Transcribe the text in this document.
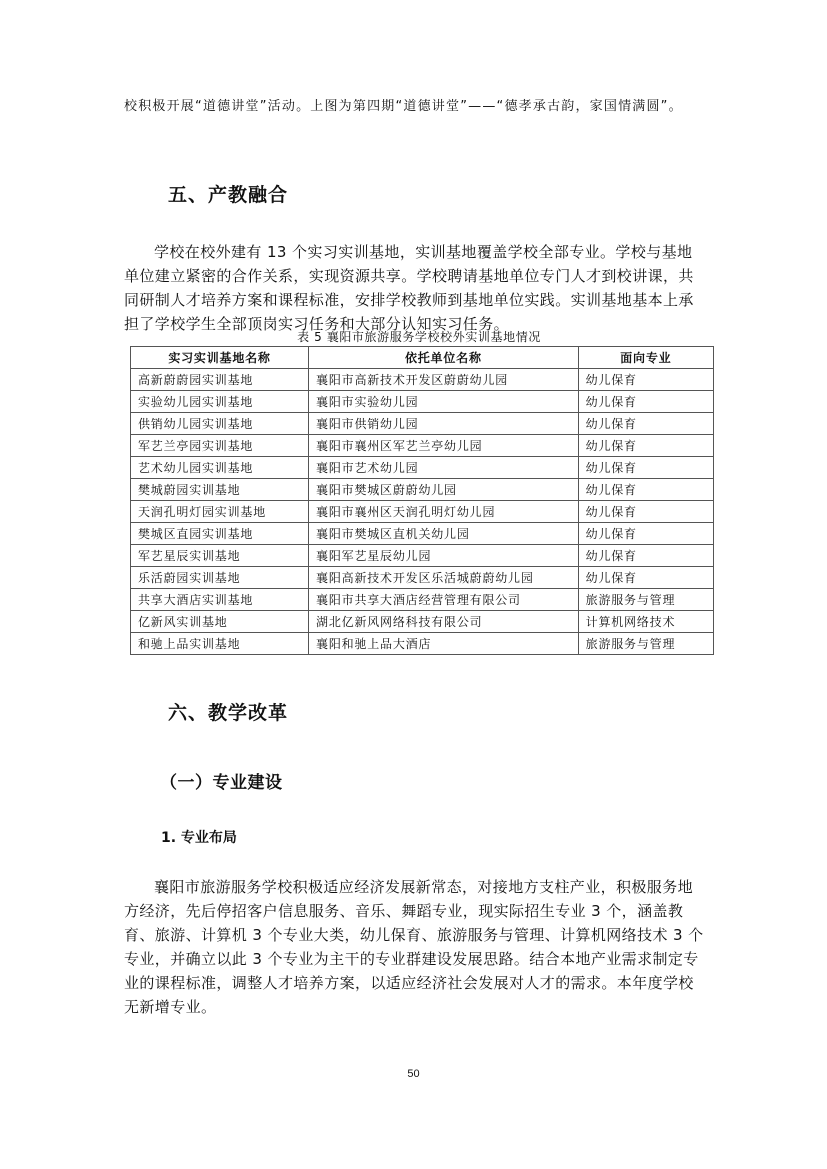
校积极开展“道德讲堂”活动。上图为第四期“道德讲堂”——“德孝承古韵，家国情满圆”。
五、产教融合
学校在校外建有 13 个实习实训基地，实训基地覆盖学校全部专业。学校与基地单位建立紧密的合作关系，实现资源共享。学校聘请基地单位专门人才到校讲课，共同研制人才培养方案和课程标准，安排学校教师到基地单位实践。实训基地基本上承担了学校学生全部顶岗实习任务和大部分认知实习任务。
表 5 襄阳市旅游服务学校校外实训基地情况
实习实训基地名称	依托单位名称	面向专业
高新蔚蔚园实训基地	襄阳市高新技术开发区蔚蔚幼儿园	幼儿保育
实验幼儿园实训基地	襄阳市实验幼儿园	幼儿保育
供销幼儿园实训基地	襄阳市供销幼儿园	幼儿保育
军艺兰亭园实训基地	襄阳市襄州区军艺兰亭幼儿园	幼儿保育
艺术幼儿园实训基地	襄阳市艺术幼儿园	幼儿保育
樊城蔚园实训基地	襄阳市樊城区蔚蔚幼儿园	幼儿保育
天润孔明灯园实训基地	襄阳市襄州区天润孔明灯幼儿园	幼儿保育
樊城区直园实训基地	襄阳市樊城区直机关幼儿园	幼儿保育
军艺星辰实训基地	襄阳军艺星辰幼儿园	幼儿保育
乐活蔚园实训基地	襄阳高新技术开发区乐活城蔚蔚幼儿园	幼儿保育
共享大酒店实训基地	襄阳市共享大酒店经营管理有限公司	旅游服务与管理
亿新风实训基地	湖北亿新风网络科技有限公司	计算机网络技术
和驰上品实训基地	襄阳和驰上品大酒店	旅游服务与管理
六、教学改革
（一）专业建设
1. 专业布局
襄阳市旅游服务学校积极适应经济发展新常态，对接地方支柱产业，积极服务地方经济，先后停招客户信息服务、音乐、舞蹈专业，现实际招生专业 3 个，涵盖教育、旅游、计算机 3 个专业大类，幼儿保育、旅游服务与管理、计算机网络技术 3 个专业，并确立以此 3 个专业为主干的专业群建设发展思路。结合本地产业需求制定专业的课程标准，调整人才培养方案，以适应经济社会发展对人才的需求。本年度学校无新增专业。
50
